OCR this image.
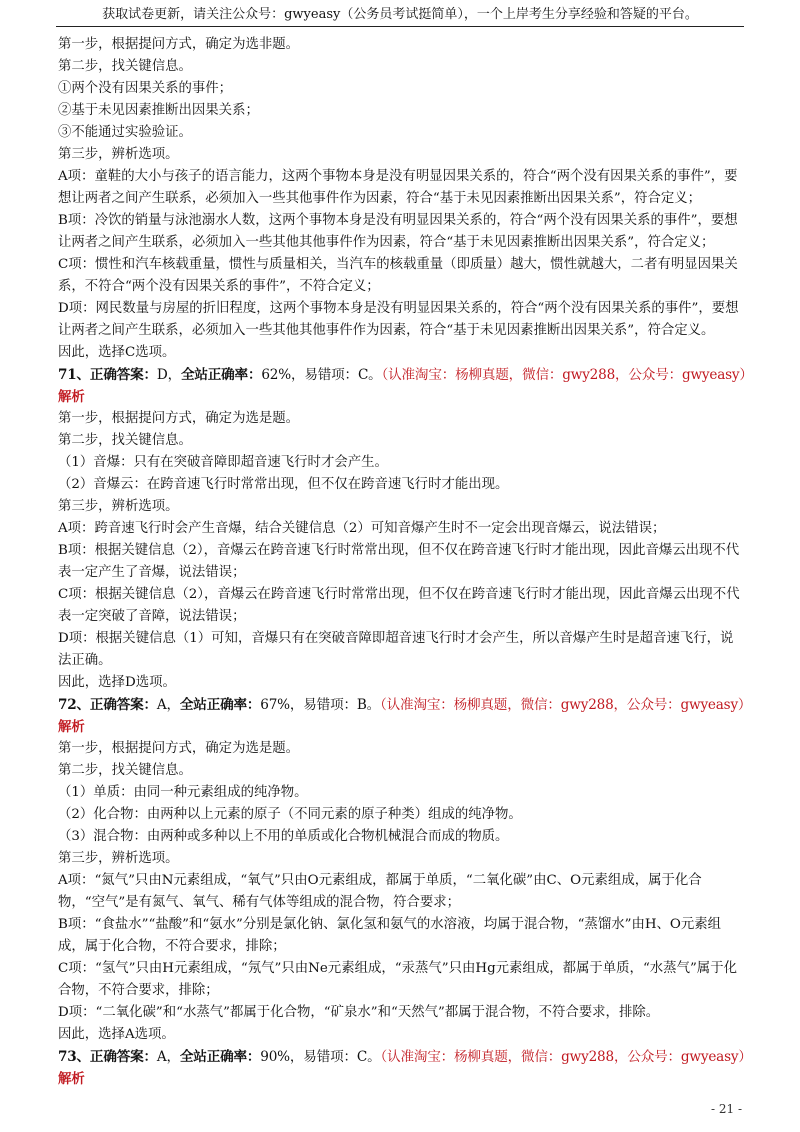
获取试卷更新，请关注公众号：gwyeasy（公务员考试挺简单），一个上岸考生分享经验和答疑的平台。
第一步，根据提问方式，确定为选非题。
第二步，找关键信息。
①两个没有因果关系的事件；
②基于未见因素推断出因果关系；
③不能通过实验验证。
第三步，辨析选项。
A项：童鞋的大小与孩子的语言能力，这两个事物本身是没有明显因果关系的，符合“两个没有因果关系的事件”，要想让两者之间产生联系，必须加入一些其他事件作为因素，符合“基于未见因素推断出因果关系”，符合定义；
B项：冷饮的销量与泳池溺水人数，这两个事物本身是没有明显因果关系的，符合“两个没有因果关系的事件”，要想让两者之间产生联系，必须加入一些其他其他事件作为因素，符合“基于未见因素推断出因果关系”，符合定义；
C项：惯性和汽车核载重量，惯性与质量相关，当汽车的核载重量（即质量）越大，惯性就越大，二者有明显因果关系，不符合“两个没有因果关系的事件”，不符合定义；
D项：网民数量与房屋的折旧程度，这两个事物本身是没有明显因果关系的，符合“两个没有因果关系的事件”，要想让两者之间产生联系，必须加入一些其他其他事件作为因素，符合“基于未见因素推断出因果关系”，符合定义。
因此，选择C选项。
71、正确答案：D，全站正确率：62%，易错项：C。（认准淘宝：杨柳真题，微信：gwy288，公众号：gwyeasy）
解析
第一步，根据提问方式，确定为选是题。
第二步，找关键信息。
（1）音爆：只有在突破音障即超音速飞行时才会产生。
（2）音爆云：在跨音速飞行时常常出现，但不仅在跨音速飞行时才能出现。
第三步，辨析选项。
A项：跨音速飞行时会产生音爆，结合关键信息（2）可知音爆产生时不一定会出现音爆云，说法错误；
B项：根据关键信息（2），音爆云在跨音速飞行时常常出现，但不仅在跨音速飞行时才能出现，因此音爆云出现不代表一定产生了音爆，说法错误；
C项：根据关键信息（2），音爆云在跨音速飞行时常常出现，但不仅在跨音速飞行时才能出现，因此音爆云出现不代表一定突破了音障，说法错误；
D项：根据关键信息（1）可知，音爆只有在突破音障即超音速飞行时才会产生，所以音爆产生时是超音速飞行，说法正确。
因此，选择D选项。
72、正确答案：A，全站正确率：67%，易错项：B。（认准淘宝：杨柳真题，微信：gwy288，公众号：gwyeasy）
解析
第一步，根据提问方式，确定为选是题。
第二步，找关键信息。
（1）单质：由同一种元素组成的纯净物。
（2）化合物：由两种以上元素的原子（不同元素的原子种类）组成的纯净物。
（3）混合物：由两种或多种以上不用的单质或化合物机械混合而成的物质。
第三步，辨析选项。
A项：“氮气”只由N元素组成，“氧气”只由O元素组成，都属于单质，“二氧化碳”由C、O元素组成，属于化合物，“空气”是有氮气、氧气、稀有气体等组成的混合物，符合要求；
B项：“食盐水”“盐酸”和“氨水”分别是氯化钠、氯化氢和氨气的水溶液，均属于混合物，“蒸馏水”由H、O元素组成，属于化合物，不符合要求，排除；
C项：“氢气”只由H元素组成，“氖气”只由Ne元素组成，“汞蒸气”只由Hg元素组成，都属于单质，“水蒸气”属于化合物，不符合要求，排除；
D项：“二氧化碳”和“水蒸气”都属于化合物，“矿泉水”和“天然气”都属于混合物，不符合要求，排除。
因此，选择A选项。
73、正确答案：A，全站正确率：90%，易错项：C。（认准淘宝：杨柳真题，微信：gwy288，公众号：gwyeasy）
解析
- 21 -
